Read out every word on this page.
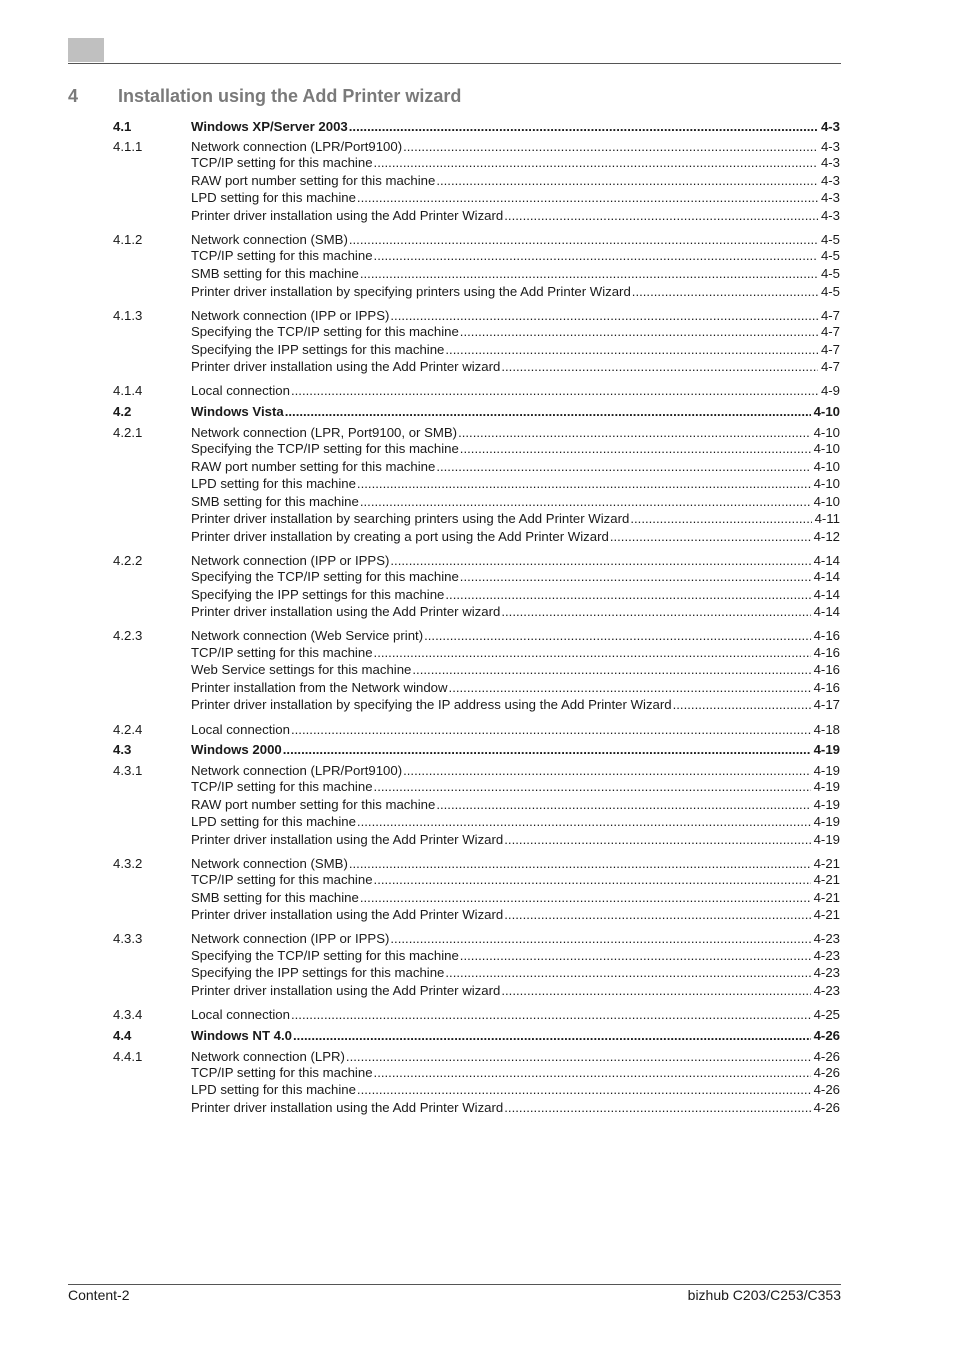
4 Installation using the Add Printer wizard
4.1	Windows XP/Server 2003 .....	4-3
4.1.1	Network connection (LPR/Port9100) .....	4-3
TCP/IP setting for this machine .....	4-3
RAW port number setting for this machine .....	4-3
LPD setting for this machine .....	4-3
Printer driver installation using the Add Printer Wizard .....	4-3
4.1.2	Network connection (SMB) .....	4-5
TCP/IP setting for this machine .....	4-5
SMB setting for this machine .....	4-5
Printer driver installation by specifying printers using the Add Printer Wizard .....	4-5
4.1.3	Network connection (IPP or IPPS) .....	4-7
Specifying the TCP/IP setting for this machine .....	4-7
Specifying the IPP settings for this machine .....	4-7
Printer driver installation using the Add Printer wizard .....	4-7
4.1.4	Local connection .....	4-9
4.2	Windows Vista .....	4-10
4.2.1	Network connection (LPR, Port9100, or SMB) .....	4-10
Specifying the TCP/IP setting for this machine .....	4-10
RAW port number setting for this machine .....	4-10
LPD setting for this machine .....	4-10
SMB setting for this machine .....	4-10
Printer driver installation by searching printers using the Add Printer Wizard .....	4-11
Printer driver installation by creating a port using the Add Printer Wizard .....	4-12
4.2.2	Network connection (IPP or IPPS) .....	4-14
Specifying the TCP/IP setting for this machine .....	4-14
Specifying the IPP settings for this machine .....	4-14
Printer driver installation using the Add Printer wizard .....	4-14
4.2.3	Network connection (Web Service print) .....	4-16
TCP/IP setting for this machine .....	4-16
Web Service settings for this machine .....	4-16
Printer installation from the Network window .....	4-16
Printer driver installation by specifying the IP address using the Add Printer Wizard .....	4-17
4.2.4	Local connection .....	4-18
4.3	Windows 2000 .....	4-19
4.3.1	Network connection (LPR/Port9100) .....	4-19
TCP/IP setting for this machine .....	4-19
RAW port number setting for this machine .....	4-19
LPD setting for this machine .....	4-19
Printer driver installation using the Add Printer Wizard .....	4-19
4.3.2	Network connection (SMB) .....	4-21
TCP/IP setting for this machine .....	4-21
SMB setting for this machine .....	4-21
Printer driver installation using the Add Printer Wizard .....	4-21
4.3.3	Network connection (IPP or IPPS) .....	4-23
Specifying the TCP/IP setting for this machine .....	4-23
Specifying the IPP settings for this machine .....	4-23
Printer driver installation using the Add Printer wizard .....	4-23
4.3.4	Local connection .....	4-25
4.4	Windows NT 4.0 .....	4-26
4.4.1	Network connection (LPR) .....	4-26
TCP/IP setting for this machine .....	4-26
LPD setting for this machine .....	4-26
Printer driver installation using the Add Printer Wizard .....	4-26
Content-2	bizhub C203/C253/C353
